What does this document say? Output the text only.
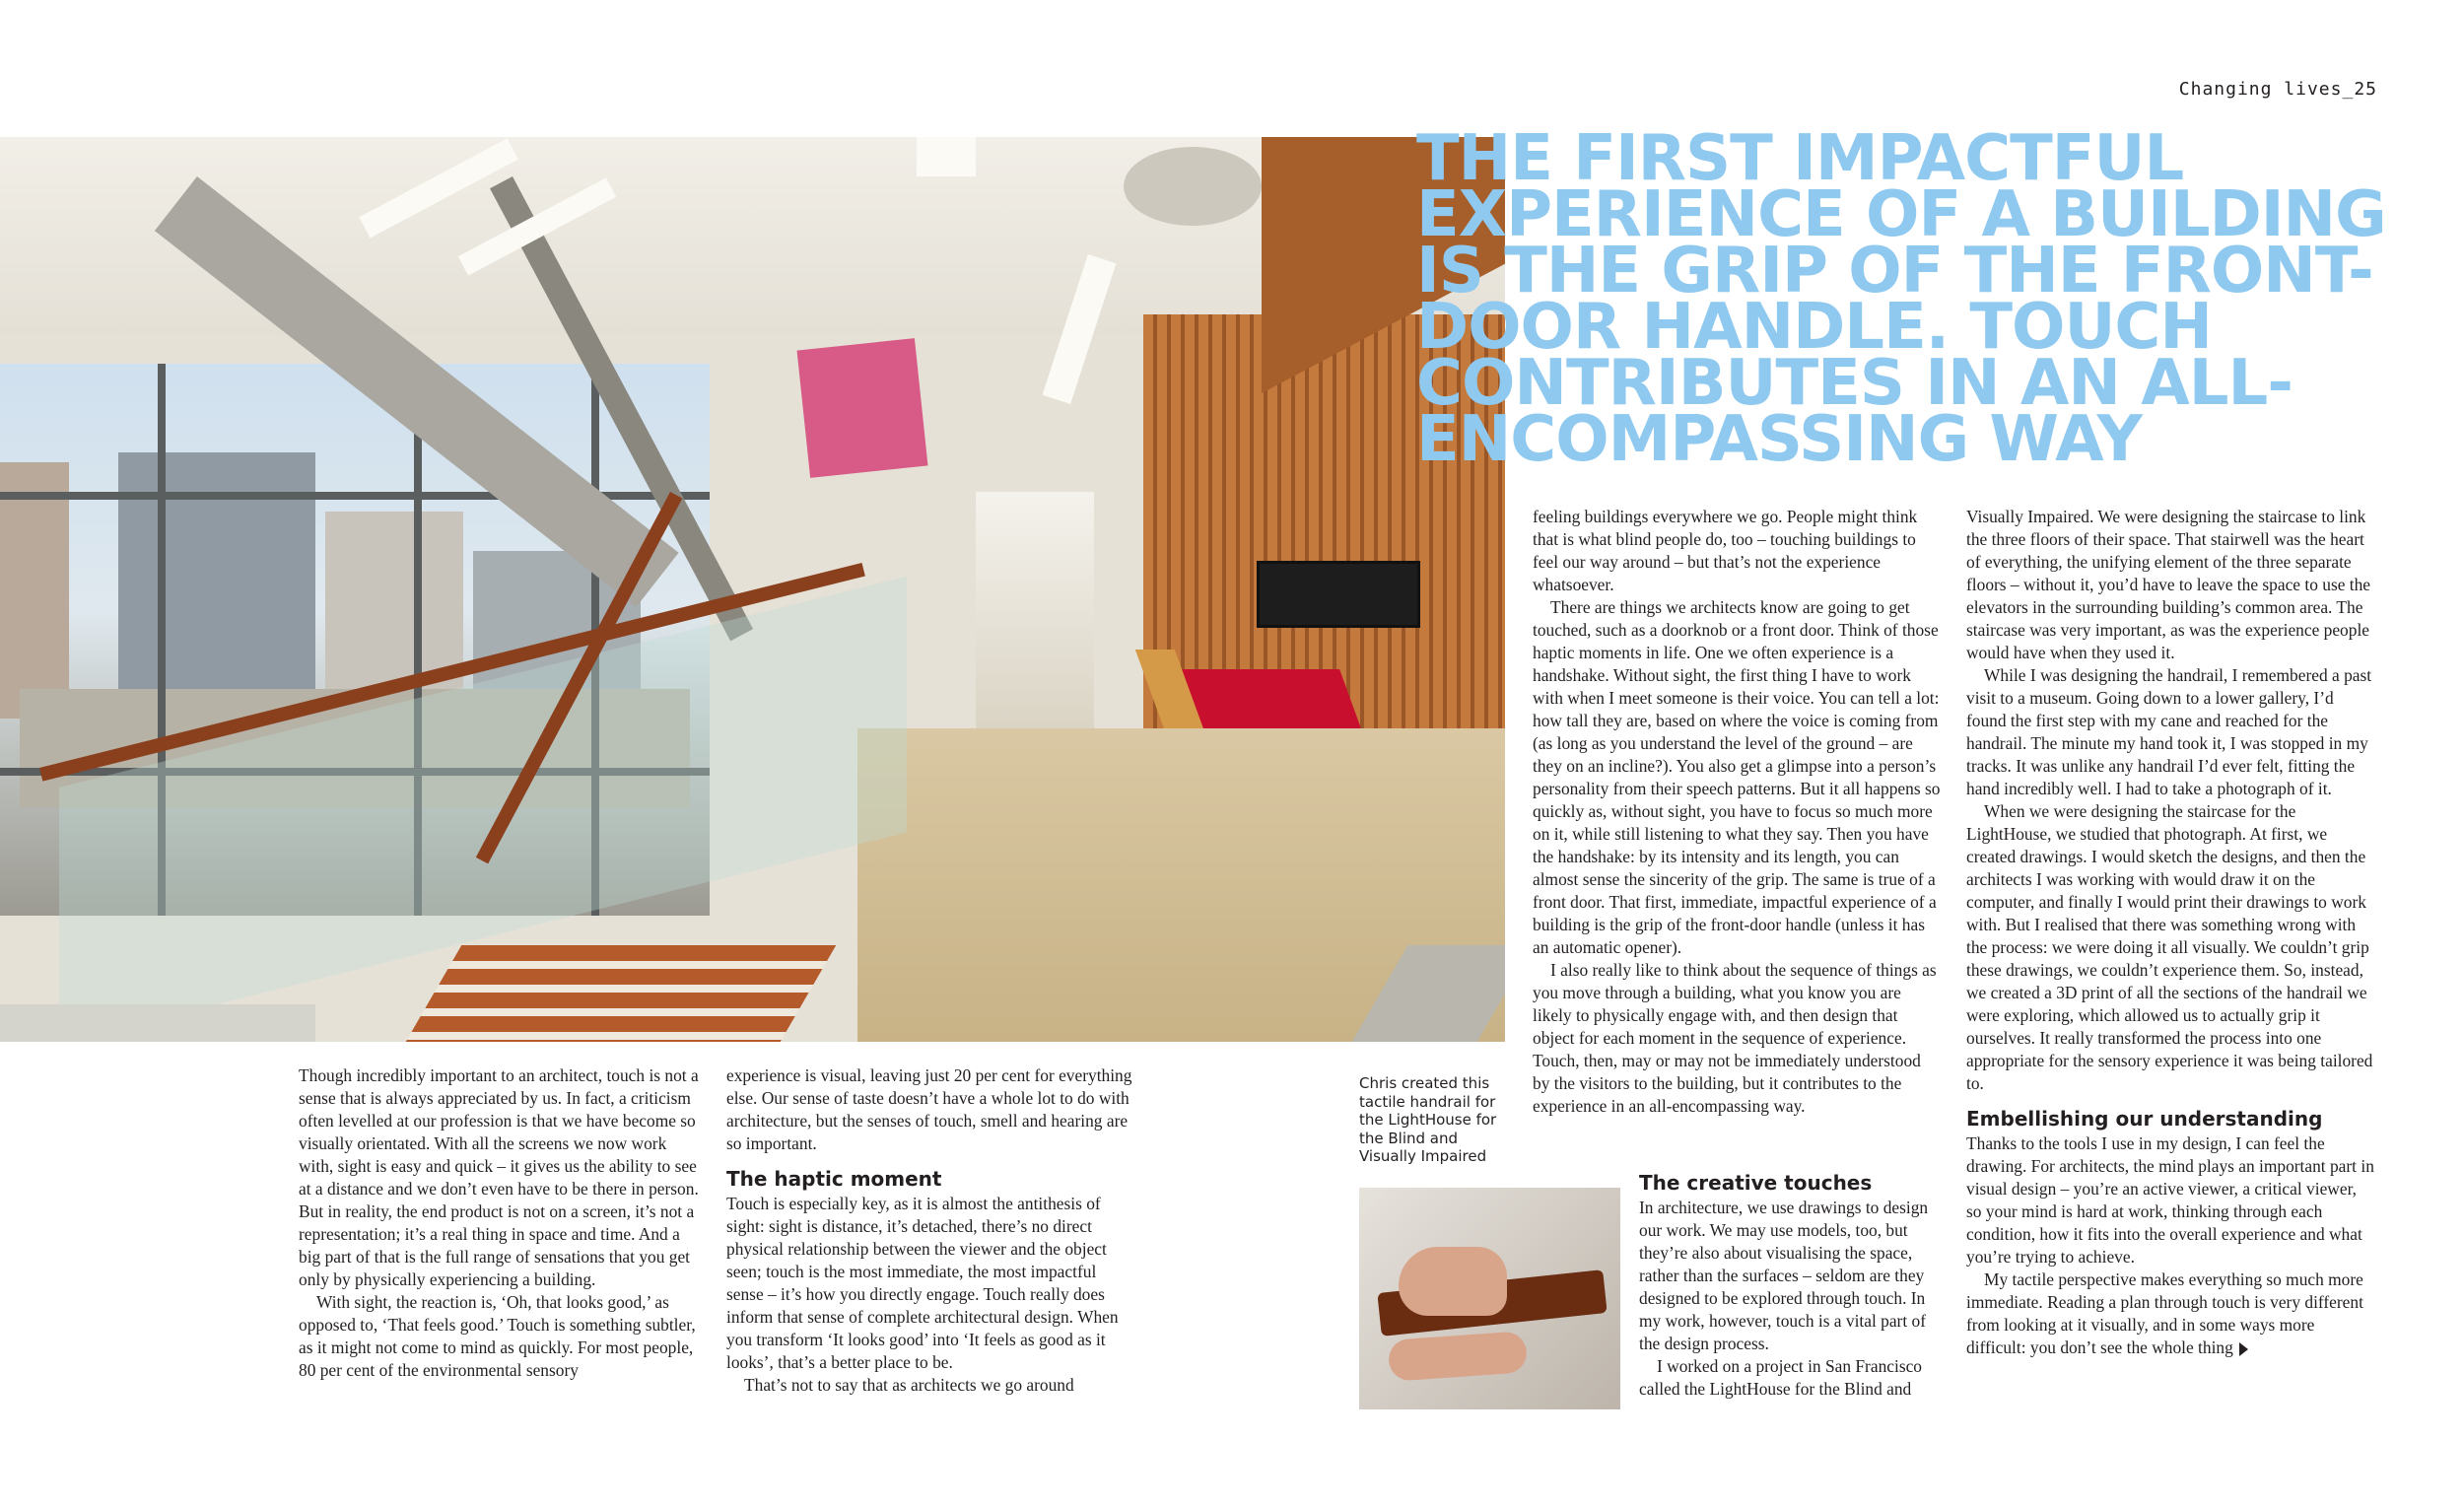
Changing lives_25
THE FIRST IMPACTFUL EXPERIENCE OF A BUILDING IS THE GRIP OF THE FRONT-DOOR HANDLE. TOUCH CONTRIBUTES IN AN ALL-ENCOMPASSING WAY

Though incredibly important to an architect, touch is not a sense that is always appreciated by us. In fact, a criticism often levelled at our profession is that we have become so visually orientated. With all the screens we now work with, sight is easy and quick – it gives us the ability to see at a distance and we don’t even have to be there in person. But in reality, the end product is not on a screen, it’s not a representation; it’s a real thing in space and time. And a big part of that is the full range of sensations that you get only by physically experiencing a building.

With sight, the reaction is, ‘Oh, that looks good,’ as opposed to, ‘That feels good.’ Touch is something subtler, as it might not come to mind as quickly. For most people, 80 per cent of the environmental sensory

experience is visual, leaving just 20 per cent for everything else. Our sense of taste doesn’t have a whole lot to do with architecture, but the senses of touch, smell and hearing are so important.

The haptic moment

Touch is especially key, as it is almost the antithesis of sight: sight is distance, it’s detached, there’s no direct physical relationship between the viewer and the object seen; touch is the most immediate, the most impactful sense – it’s how you directly engage. Touch really does inform that sense of complete architectural design. When you transform ‘It looks good’ into ‘It feels as good as it looks’, that’s a better place to be.

That’s not to say that as architects we go around

Chris created this tactile handrail for the LightHouse for the Blind and Visually Impaired

feeling buildings everywhere we go. People might think that is what blind people do, too – touching buildings to feel our way around – but that’s not the experience whatsoever.

There are things we architects know are going to get touched, such as a doorknob or a front door. Think of those haptic moments in life. One we often experience is a handshake. Without sight, the first thing I have to work with when I meet someone is their voice. You can tell a lot: how tall they are, based on where the voice is coming from (as long as you understand the level of the ground – are they on an incline?). You also get a glimpse into a person’s personality from their speech patterns. But it all happens so quickly as, without sight, you have to focus so much more on it, while still listening to what they say. Then you have the handshake: by its intensity and its length, you can almost sense the sincerity of the grip. The same is true of a front door. That first, immediate, impactful experience of a building is the grip of the front-door handle (unless it has an automatic opener).

I also really like to think about the sequence of things as you move through a building, what you know you are likely to physically engage with, and then design that object for each moment in the sequence of experience. Touch, then, may or may not be immediately understood by the visitors to the building, but it contributes to the experience in an all-encompassing way.

The creative touches

In architecture, we use drawings to design our work. We may use models, too, but they’re also about visualising the space, rather than the surfaces – seldom are they designed to be explored through touch. In my work, however, touch is a vital part of the design process.

I worked on a project in San Francisco called the LightHouse for the Blind and

Visually Impaired. We were designing the staircase to link the three floors of their space. That stairwell was the heart of everything, the unifying element of the three separate floors – without it, you’d have to leave the space to use the elevators in the surrounding building’s common area. The staircase was very important, as was the experience people would have when they used it.

While I was designing the handrail, I remembered a past visit to a museum. Going down to a lower gallery, I’d found the first step with my cane and reached for the handrail. The minute my hand took it, I was stopped in my tracks. It was unlike any handrail I’d ever felt, fitting the hand incredibly well. I had to take a photograph of it.

When we were designing the staircase for the LightHouse, we studied that photograph. At first, we created drawings. I would sketch the designs, and then the architects I was working with would draw it on the computer, and finally I would print their drawings to work with. But I realised that there was something wrong with the process: we were doing it all visually. We couldn’t grip these drawings, we couldn’t experience them. So, instead, we created a 3D print of all the sections of the handrail we were exploring, which allowed us to actually grip it ourselves. It really transformed the process into one appropriate for the sensory experience it was being tailored to.

Embellishing our understanding

Thanks to the tools I use in my design, I can feel the drawing. For architects, the mind plays an important part in visual design – you’re an active viewer, a critical viewer, so your mind is hard at work, thinking through each condition, how it fits into the overall experience and what you’re trying to achieve.

My tactile perspective makes everything so much more immediate. Reading a plan through touch is very different from looking at it visually, and in some ways more difficult: you don’t see the whole thing
